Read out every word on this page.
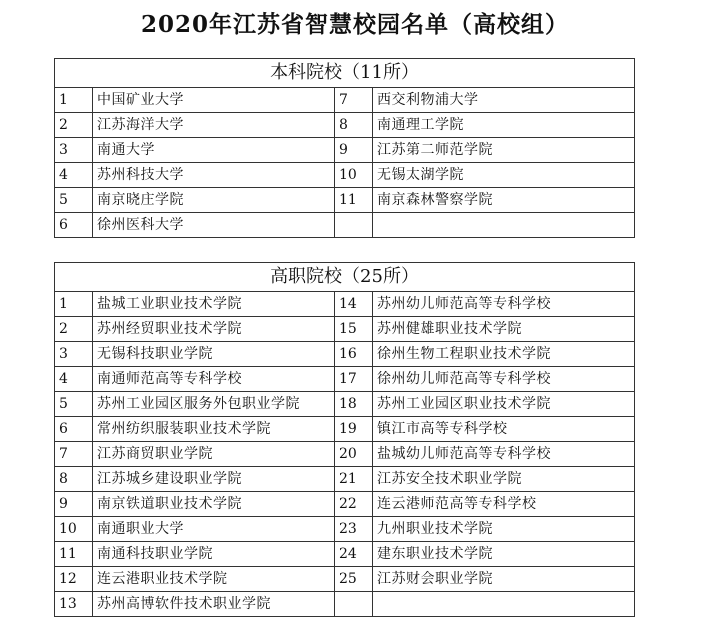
2020年江苏省智慧校园名单（高校组）
本科院校（11所）			
1	中国矿业大学	7	西交利物浦大学
2	江苏海洋大学	8	南通理工学院
3	南通大学	9	江苏第二师范学院
4	苏州科技大学	10	无锡太湖学院
5	南京晓庄学院	11	南京森林警察学院
6	徐州医科大学		
高职院校（25所）			
1	盐城工业职业技术学院	14	苏州幼儿师范高等专科学校
2	苏州经贸职业技术学院	15	苏州健雄职业技术学院
3	无锡科技职业学院	16	徐州生物工程职业技术学院
4	南通师范高等专科学校	17	徐州幼儿师范高等专科学校
5	苏州工业园区服务外包职业学院	18	苏州工业园区职业技术学院
6	常州纺织服装职业技术学院	19	镇江市高等专科学校
7	江苏商贸职业学院	20	盐城幼儿师范高等专科学校
8	江苏城乡建设职业学院	21	江苏安全技术职业学院
9	南京铁道职业技术学院	22	连云港师范高等专科学校
10	南通职业大学	23	九州职业技术学院
11	南通科技职业学院	24	建东职业技术学院
12	连云港职业技术学院	25	江苏财会职业学院
13	苏州高博软件技术职业学院		
